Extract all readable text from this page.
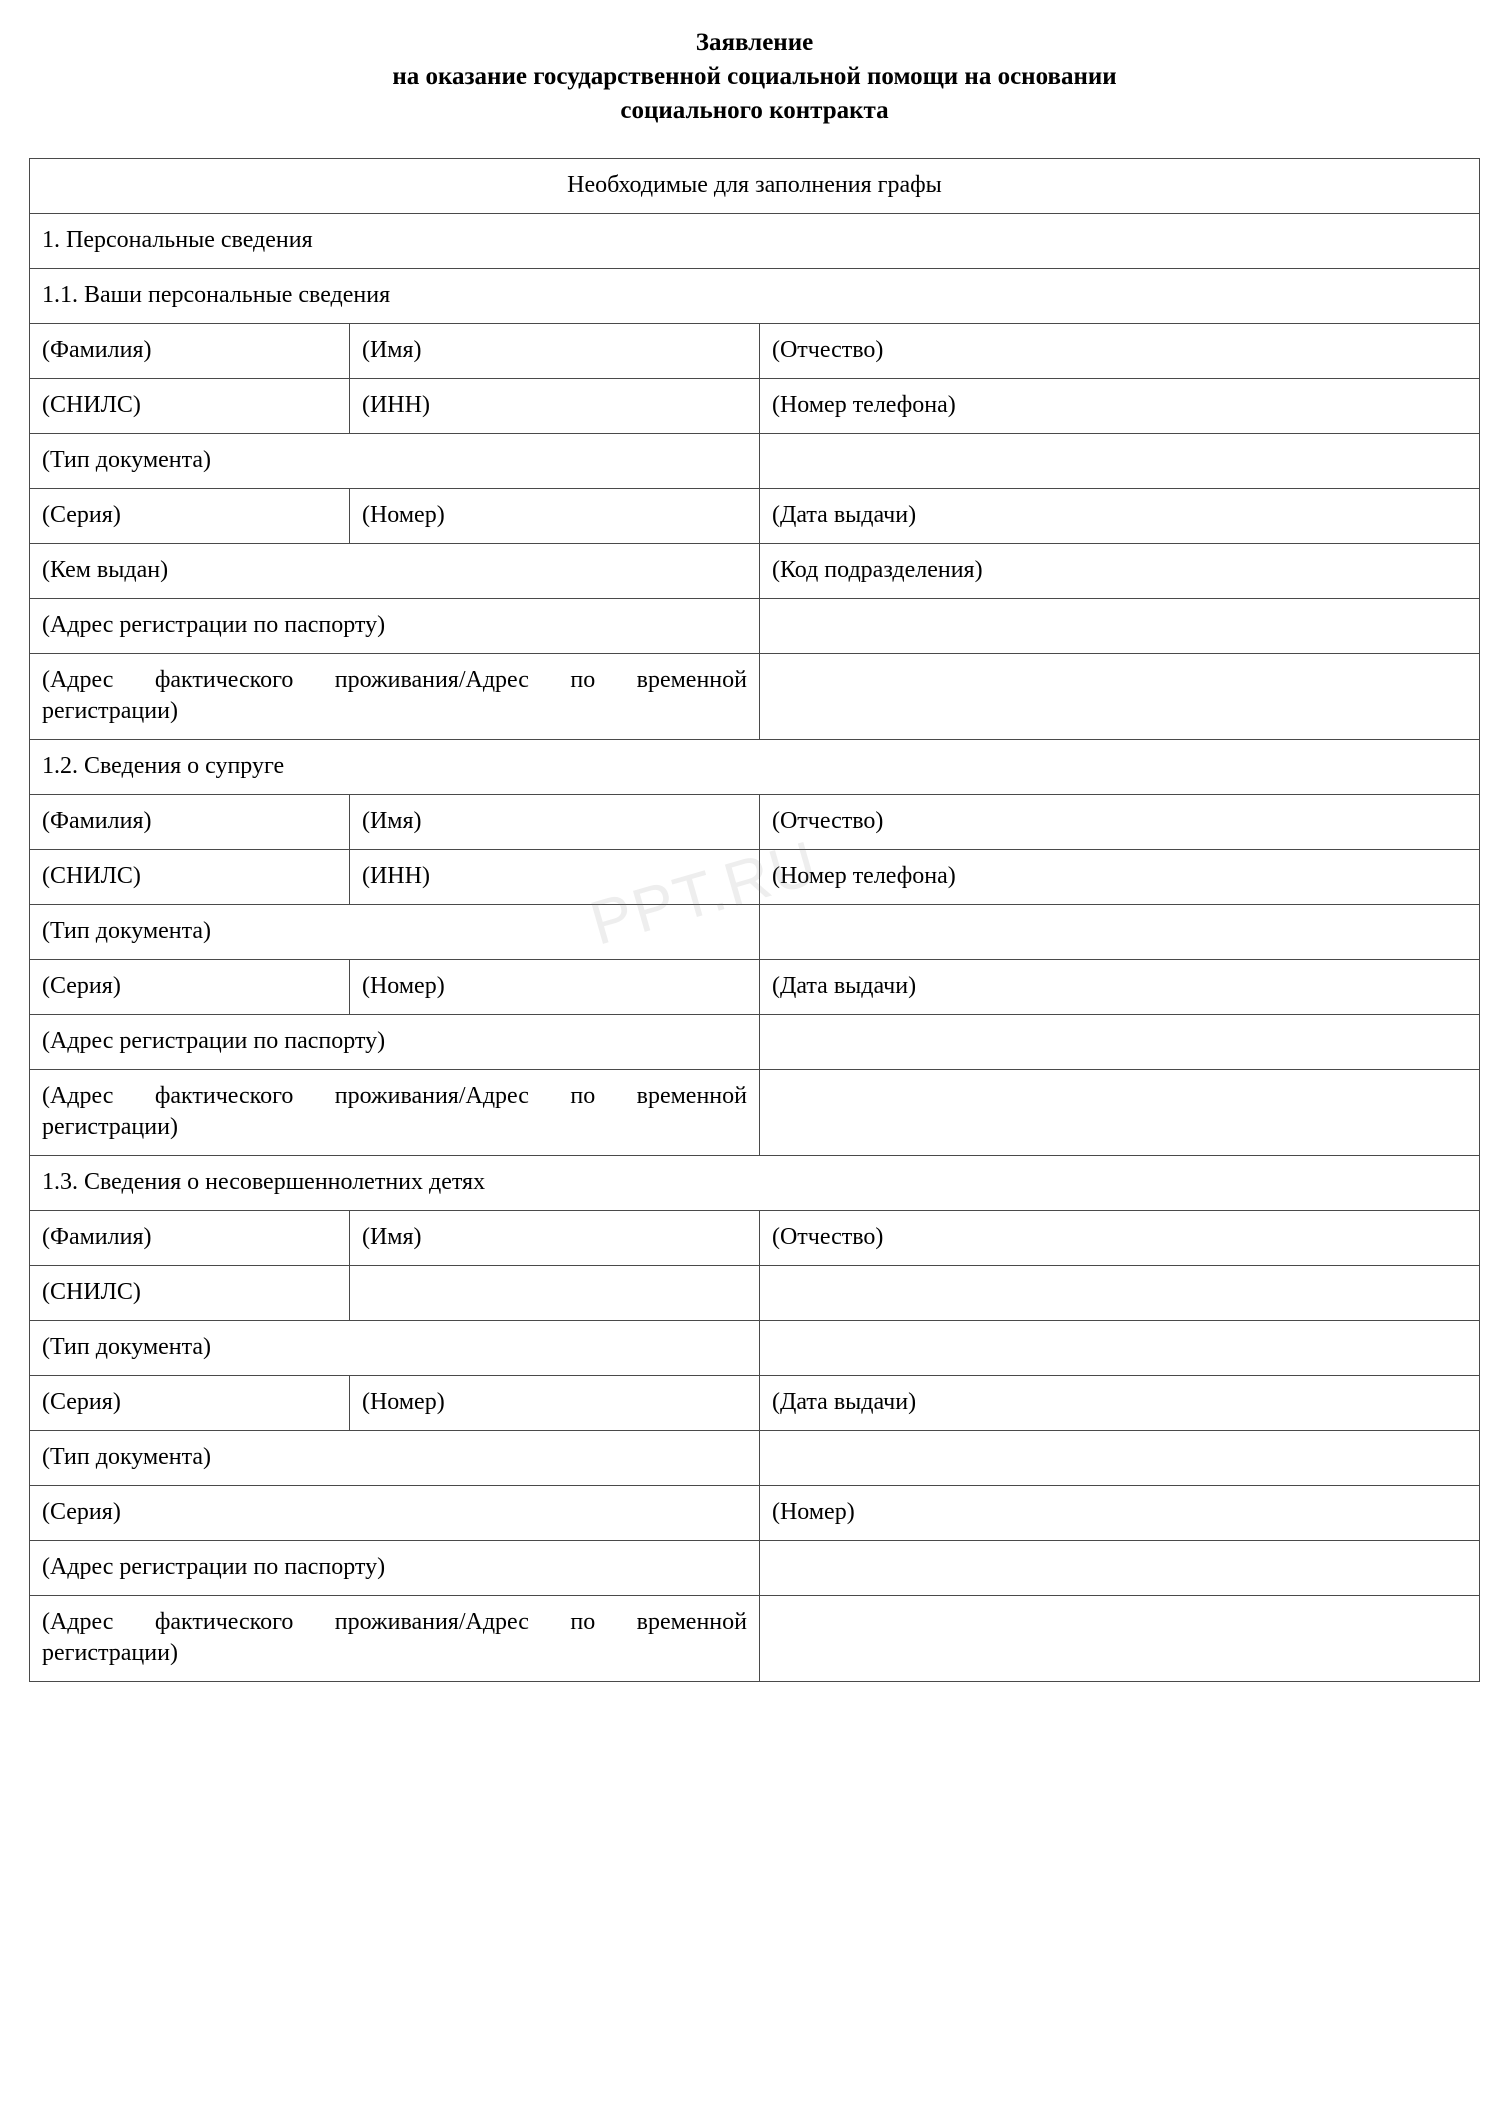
Заявление
на оказание государственной социальной помощи на основании
социального контракта
Необходимые для заполнения графы		
1. Персональные сведения		
1.1. Ваши персональные сведения		
(Фамилия)	(Имя)	(Отчество)
(СНИЛС)	(ИНН)	(Номер телефона)
(Тип документа)		
(Серия)	(Номер)	(Дата выдачи)
(Кем выдан)		(Код подразделения)
(Адрес регистрации по паспорту)		
(Адрес фактического проживания/Адрес по временной регистрации)		
1.2. Сведения о супруге		
(Фамилия)	(Имя)	(Отчество)
(СНИЛС)	(ИНН)	(Номер телефона)
(Тип документа)		
(Серия)	(Номер)	(Дата выдачи)
(Адрес регистрации по паспорту)		
(Адрес фактического проживания/Адрес по временной регистрации)		
1.3. Сведения о несовершеннолетних детях		
(Фамилия)	(Имя)	(Отчество)
(СНИЛС)		
(Тип документа)		
(Серия)	(Номер)	(Дата выдачи)
(Тип документа)		
(Серия)		(Номер)
(Адрес регистрации по паспорту)		
(Адрес фактического проживания/Адрес по временной регистрации)		
PPT.RU
